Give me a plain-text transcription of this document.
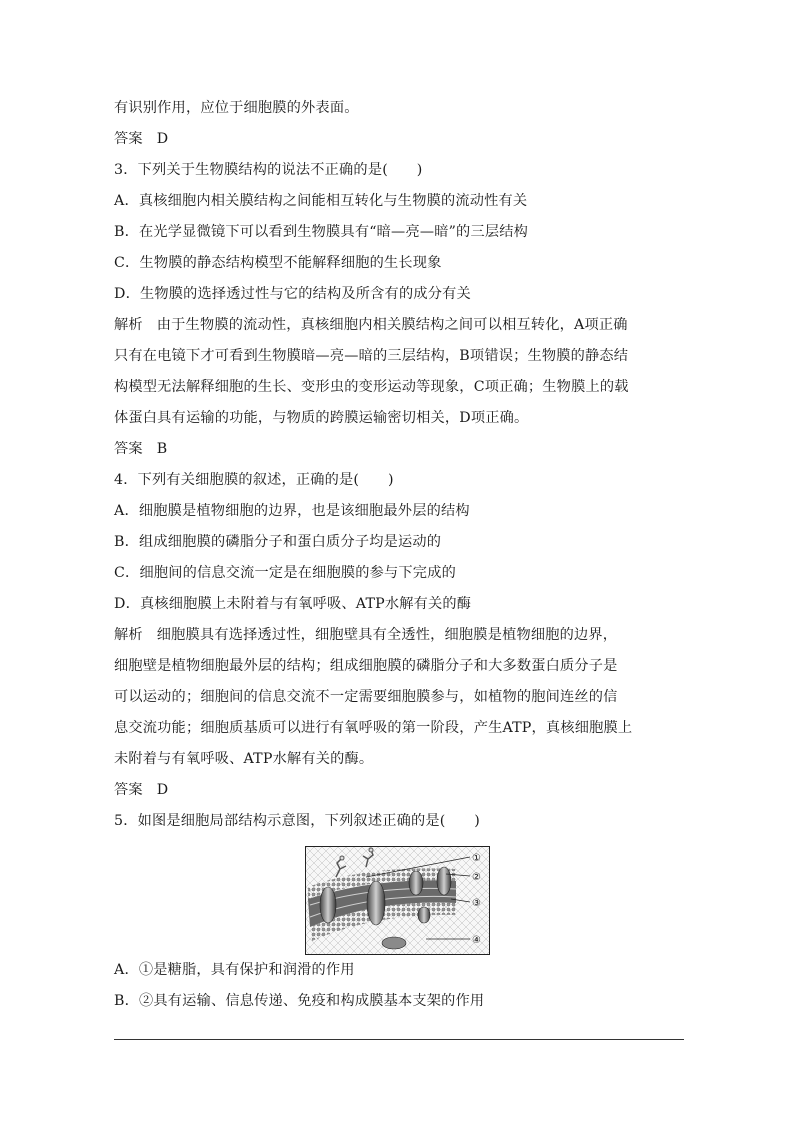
有识别作用，应位于细胞膜的外表面。
答案 D
3．下列关于生物膜结构的说法不正确的是(　　)
A．真核细胞内相关膜结构之间能相互转化与生物膜的流动性有关
B．在光学显微镜下可以看到生物膜具有“暗—亮—暗”的三层结构
C．生物膜的静态结构模型不能解释细胞的生长现象
D．生物膜的选择透过性与它的结构及所含有的成分有关
解析 由于生物膜的流动性，真核细胞内相关膜结构之间可以相互转化，A项正确
只有在电镜下才可看到生物膜暗—亮—暗的三层结构，B项错误；生物膜的静态结
构模型无法解释细胞的生长、变形虫的变形运动等现象，C项正确；生物膜上的载
体蛋白具有运输的功能，与物质的跨膜运输密切相关，D项正确。
答案 B
4．下列有关细胞膜的叙述，正确的是(　　)
A．细胞膜是植物细胞的边界，也是该细胞最外层的结构
B．组成细胞膜的磷脂分子和蛋白质分子均是运动的
C．细胞间的信息交流一定是在细胞膜的参与下完成的
D．真核细胞膜上未附着与有氧呼吸、ATP水解有关的酶
解析 细胞膜具有选择透过性，细胞壁具有全透性，细胞膜是植物细胞的边界，
细胞壁是植物细胞最外层的结构；组成细胞膜的磷脂分子和大多数蛋白质分子是
可以运动的；细胞间的信息交流不一定需要细胞膜参与，如植物的胞间连丝的信
息交流功能；细胞质基质可以进行有氧呼吸的第一阶段，产生ATP，真核细胞膜上
未附着与有氧呼吸、ATP水解有关的酶。
答案 D
5．如图是细胞局部结构示意图，下列叙述正确的是(　　)
①
②
③
④
A．①是糖脂，具有保护和润滑的作用
B．②具有运输、信息传递、免疫和构成膜基本支架的作用
